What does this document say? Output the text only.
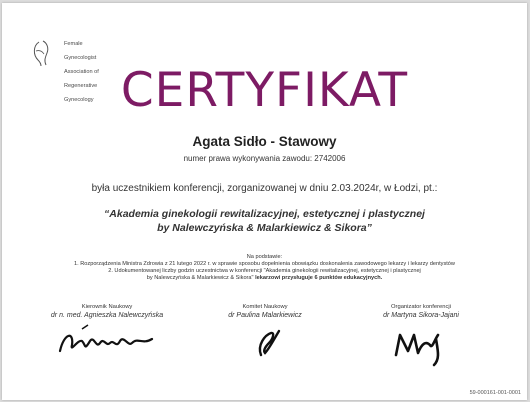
Female

Gynecologist

Association of

Regenerative

Gynecology CERTYFIKAT
Agata Sidło - Stawowy
numer prawa wykonywania zawodu: 2742006
była uczestnikiem konferencji, zorganizowanej w dniu 2.03.2024r, w Łodzi, pt.:
“Akademia ginekologii rewitalizacyjnej, estetycznej i plastycznej
by Nalewczyńska & Malarkiewicz & Sikora”
Na podstawie:
1. Rozporządzenia Ministra Zdrowia z 21 lutego 2022 r. w sprawie sposobu dopełnienia obowiązku doskonalenia zawodowego lekarzy i lekarzy dentystów
2. Udokumentowanej liczby godzin uczestnictwa w konferencji "Akademia ginekologii rewitalizacyjnej, estetycznej i plastycznej
by Nalewczyńska & Malarkiewicz & Sikora" lekarzowi przysługuje 6 punktów edukacyjnych.
Kierownik Naukowy
dr n. med. Agnieszka Nalewczyńska
Komitet Naukowy
dr Paulina Malarkiewicz
Organizator konferencji
dr Martyna Sikora-Jajani
59-000161-001-0001
